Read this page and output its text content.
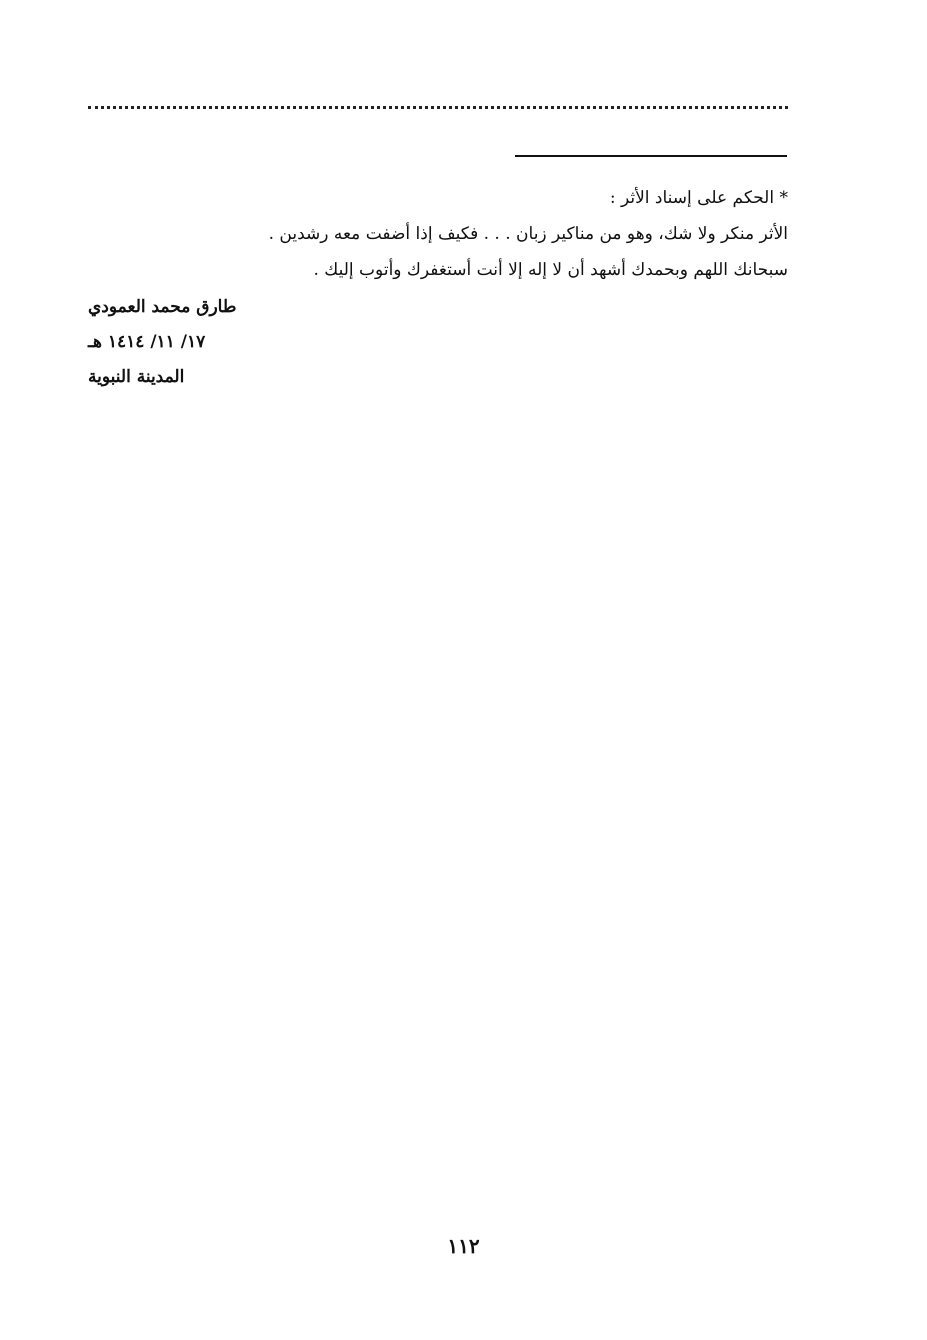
* الحكم على إسناد الأثر :

الأثر منكر ولا شك، وهو من مناكير زبان . . . فكيف إذا أضفت معه رشدين .

سبحانك اللهم وبحمدك أشهد أن لا إله إلا أنت أستغفرك وأتوب إليك .

طارق محمد العمودي

١٧/ ١١/ ١٤١٤ هـ

المدينة النبوية

١١٢
